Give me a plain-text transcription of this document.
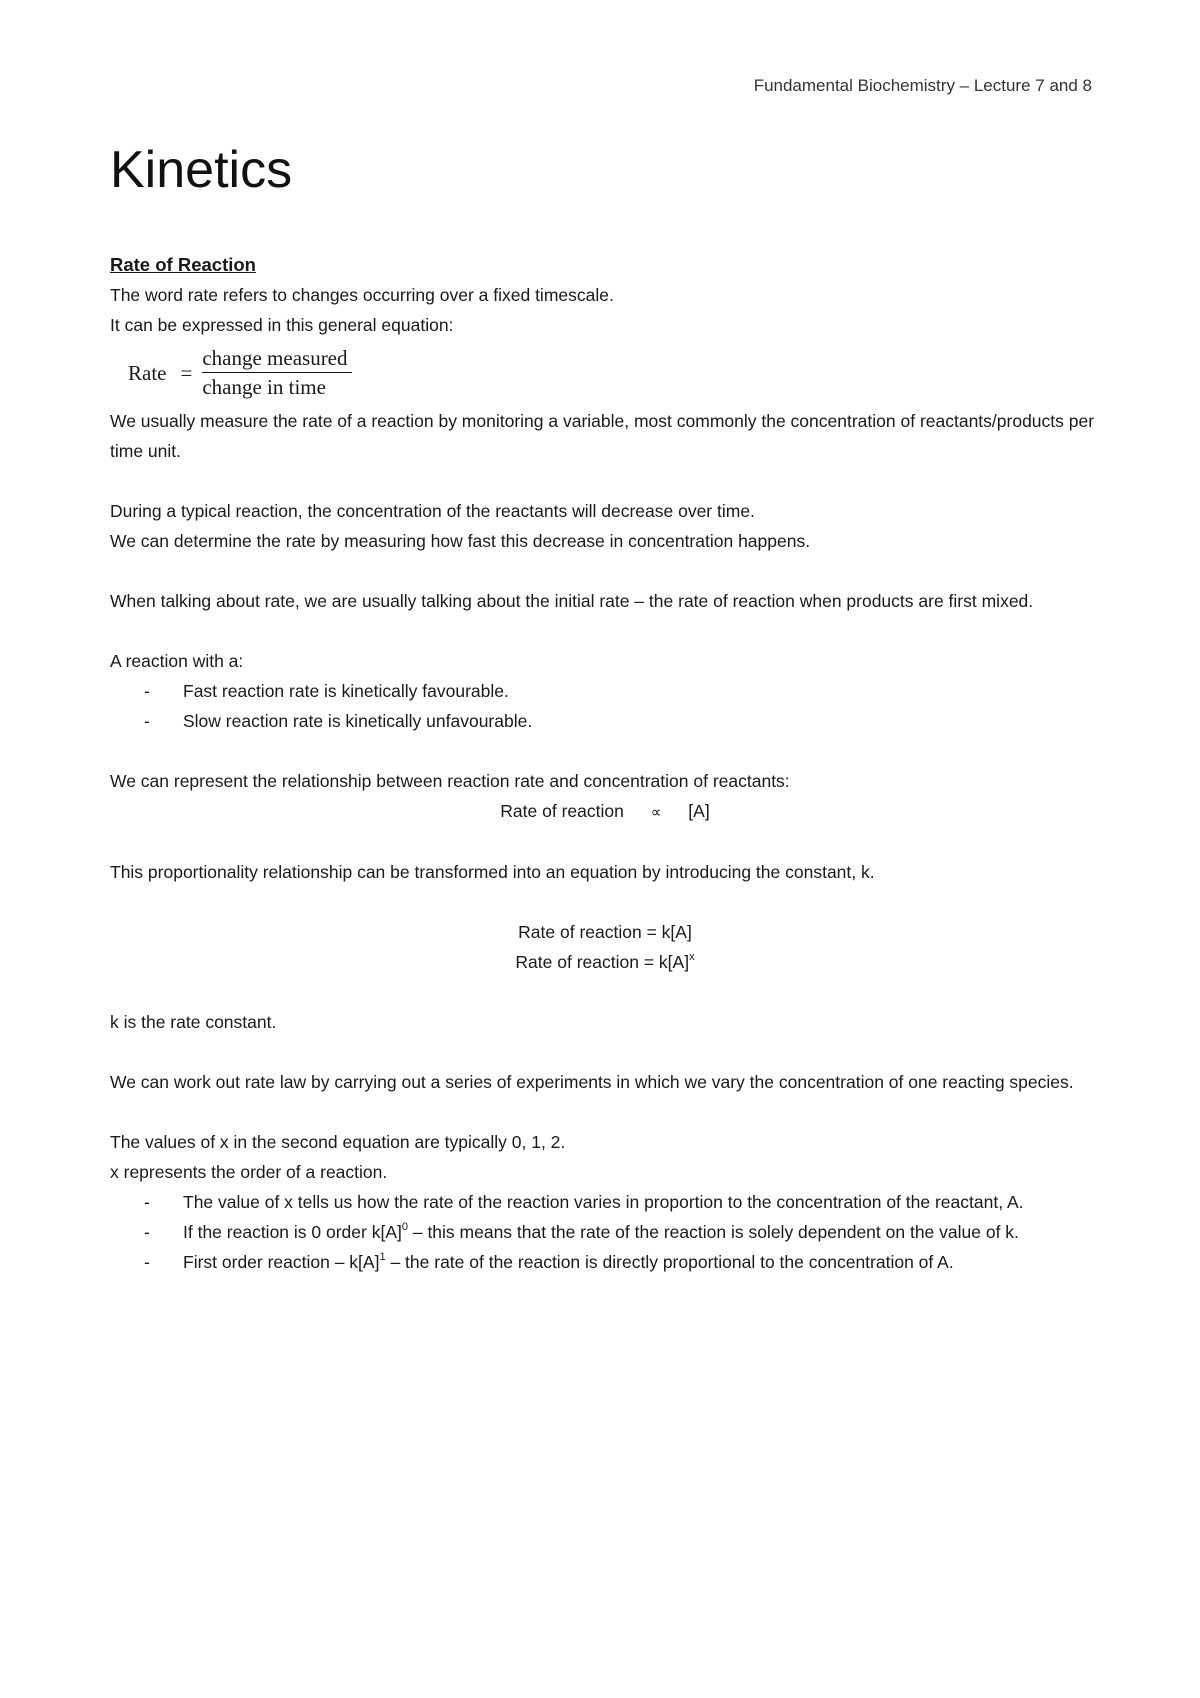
Fundamental Biochemistry – Lecture 7 and 8
Kinetics

Rate of Reaction

The word rate refers to changes occurring over a fixed timescale.

It can be expressed in this general equation:

Rate = $\frac{\text{change measured}}{\text{change in time}}$

We usually measure the rate of a reaction by monitoring a variable, most commonly the concentration of reactants/products per time unit.

During a typical reaction, the concentration of the reactants will decrease over time.

We can determine the rate by measuring how fast this decrease in concentration happens.

When talking about rate, we are usually talking about the initial rate – the rate of reaction when products are first mixed.

A reaction with a:

- Fast reaction rate is kinetically favourable.
- Slow reaction rate is kinetically unfavourable.

We can represent the relationship between reaction rate and concentration of reactants:

Rate of reaction ∝ [A]

This proportionality relationship can be transformed into an equation by introducing the constant, k.

Rate of reaction = k[A]

Rate of reaction = $k[A]^x$

k is the rate constant.

We can work out rate law by carrying out a series of experiments in which we vary the concentration of one reacting species.

The values of x in the second equation are typically 0, 1, 2.

x represents the order of a reaction.

- The value of x tells us how the rate of the reaction varies in proportion to the concentration of the reactant, A.
- If the reaction is 0 order $k[A]^0$ – this means that the rate of the reaction is solely dependent on the value of k.
- First order reaction – $k[A]^1$ – the rate of the reaction is directly proportional to the concentration of A.
